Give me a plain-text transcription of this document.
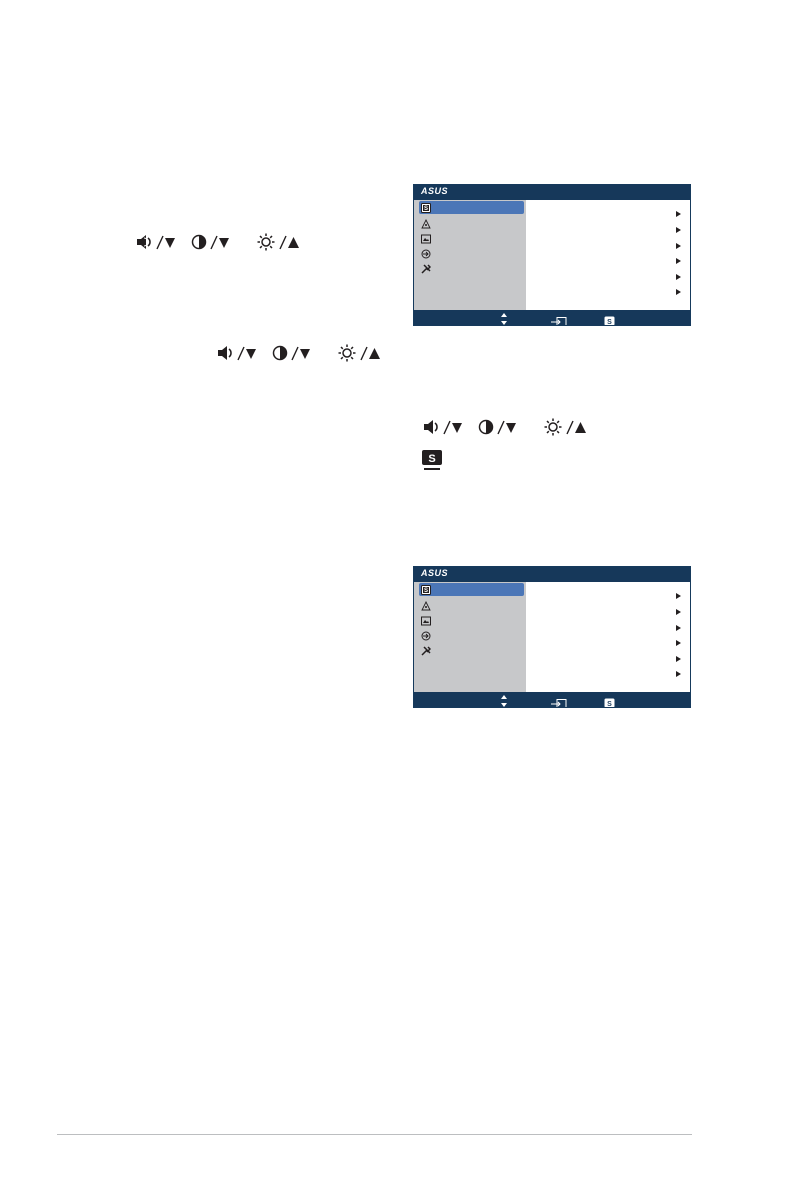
ASUS
S
S
S
ASUS
S
S
